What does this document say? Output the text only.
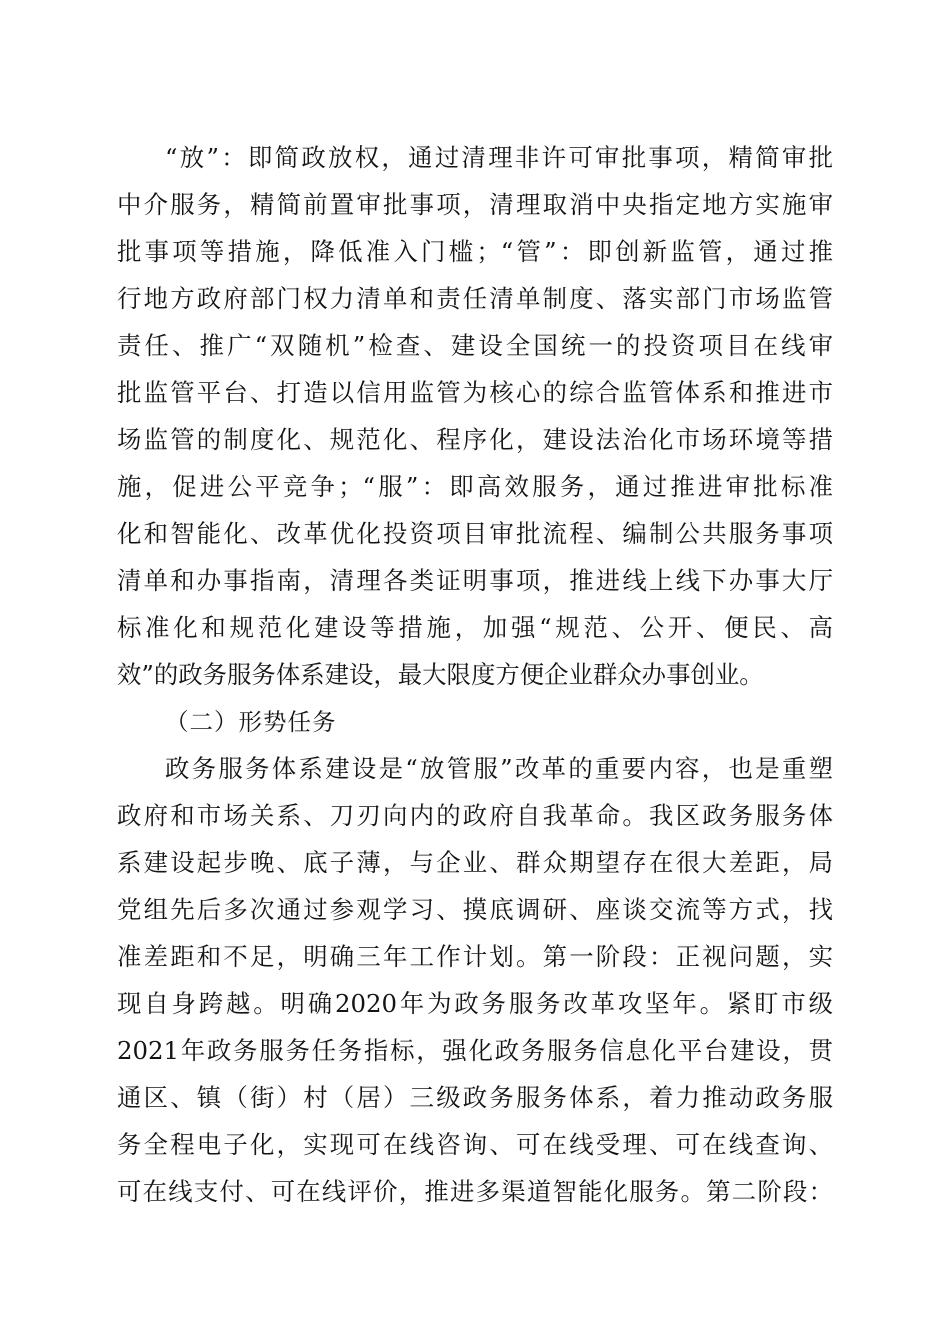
“放”：即简政放权，通过清理非许可审批事项，精简审批
中介服务，精简前置审批事项，清理取消中央指定地方实施审
批事项等措施，降低准入门槛；“管”：即创新监管，通过推
行地方政府部门权力清单和责任清单制度、落实部门市场监管
责任、推广“双随机”检查、建设全国统一的投资项目在线审
批监管平台、打造以信用监管为核心的综合监管体系和推进市
场监管的制度化、规范化、程序化，建设法治化市场环境等措
施，促进公平竞争；“服”：即高效服务，通过推进审批标准
化和智能化、改革优化投资项目审批流程、编制公共服务事项
清单和办事指南，清理各类证明事项，推进线上线下办事大厅
标准化和规范化建设等措施，加强“规范、公开、便民、高
效”的政务服务体系建设，最大限度方便企业群众办事创业。
（二）形势任务
政务服务体系建设是“放管服”改革的重要内容，也是重塑
政府和市场关系、刀刃向内的政府自我革命。我区政务服务体
系建设起步晚、底子薄，与企业、群众期望存在很大差距，局
党组先后多次通过参观学习、摸底调研、座谈交流等方式，找
准差距和不足，明确三年工作计划。第一阶段：正视问题，实
现自身跨越。明确2020年为政务服务改革攻坚年。紧盯市级
2021年政务服务任务指标，强化政务服务信息化平台建设，贯
通区、镇（街）村（居）三级政务服务体系，着力推动政务服
务全程电子化，实现可在线咨询、可在线受理、可在线查询、
可在线支付、可在线评价，推进多渠道智能化服务。第二阶段：
